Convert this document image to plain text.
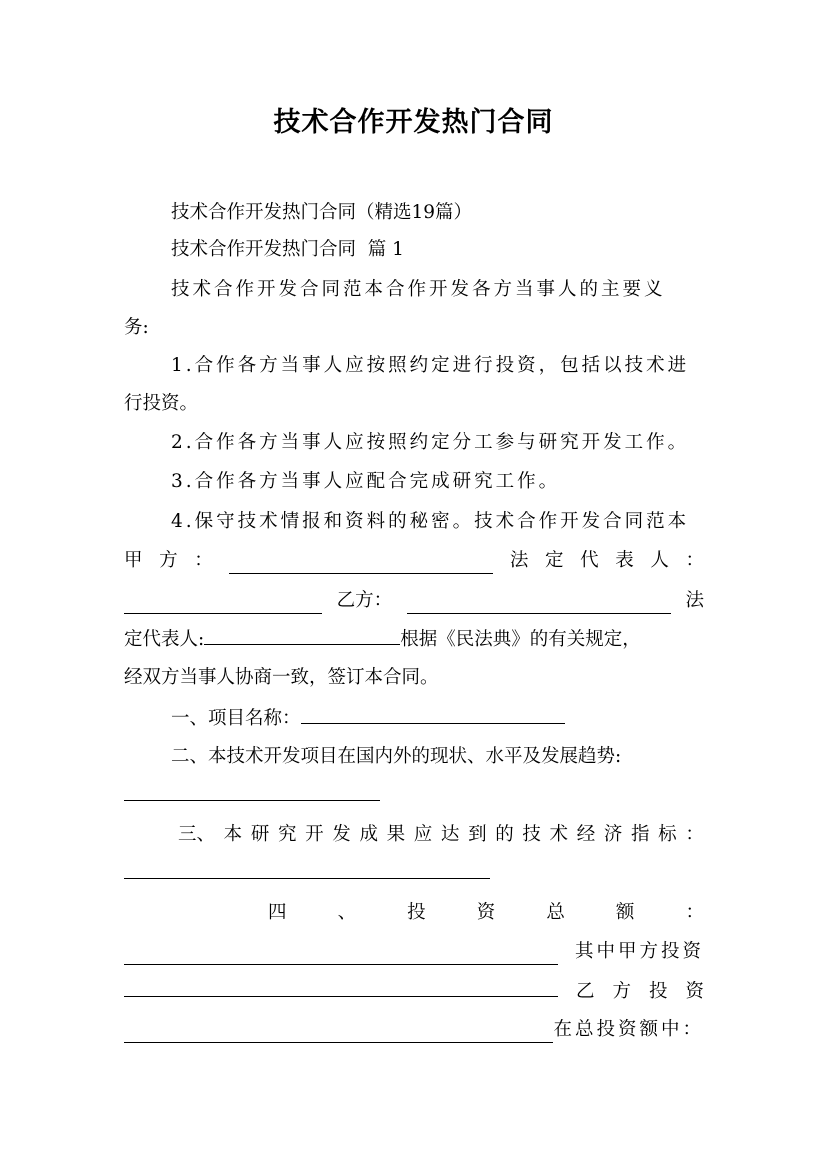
技术合作开发热门合同
技术合作开发热门合同（精选19篇）
技术合作开发热门合同  篇 1
技术合作开发合同范本合作开发各方当事人的主要义
务:
1.合作各方当事人应按照约定进行投资，包括以技术进
行投资。
2.合作各方当事人应按照约定分工参与研究开发工作。
3.合作各方当事人应配合完成研究工作。
4.保守技术情报和资料的秘密。技术合作开发合同范本
甲 方 ：	法 定 代 表 人 ：
乙方：	法
定代表人:	根据《民法典》的有关规定，
经双方当事人协商一致，签订本合同。
一、项目名称：
二、本技术开发项目在国内外的现状、水平及发展趋势:
三、 本 研 究 开 发 成 果 应 达 到 的 技 术 经 济 指 标 ：
四	、	投	资	总	额	：
其中甲方投资
乙 方 投 资
在总投资额中：
